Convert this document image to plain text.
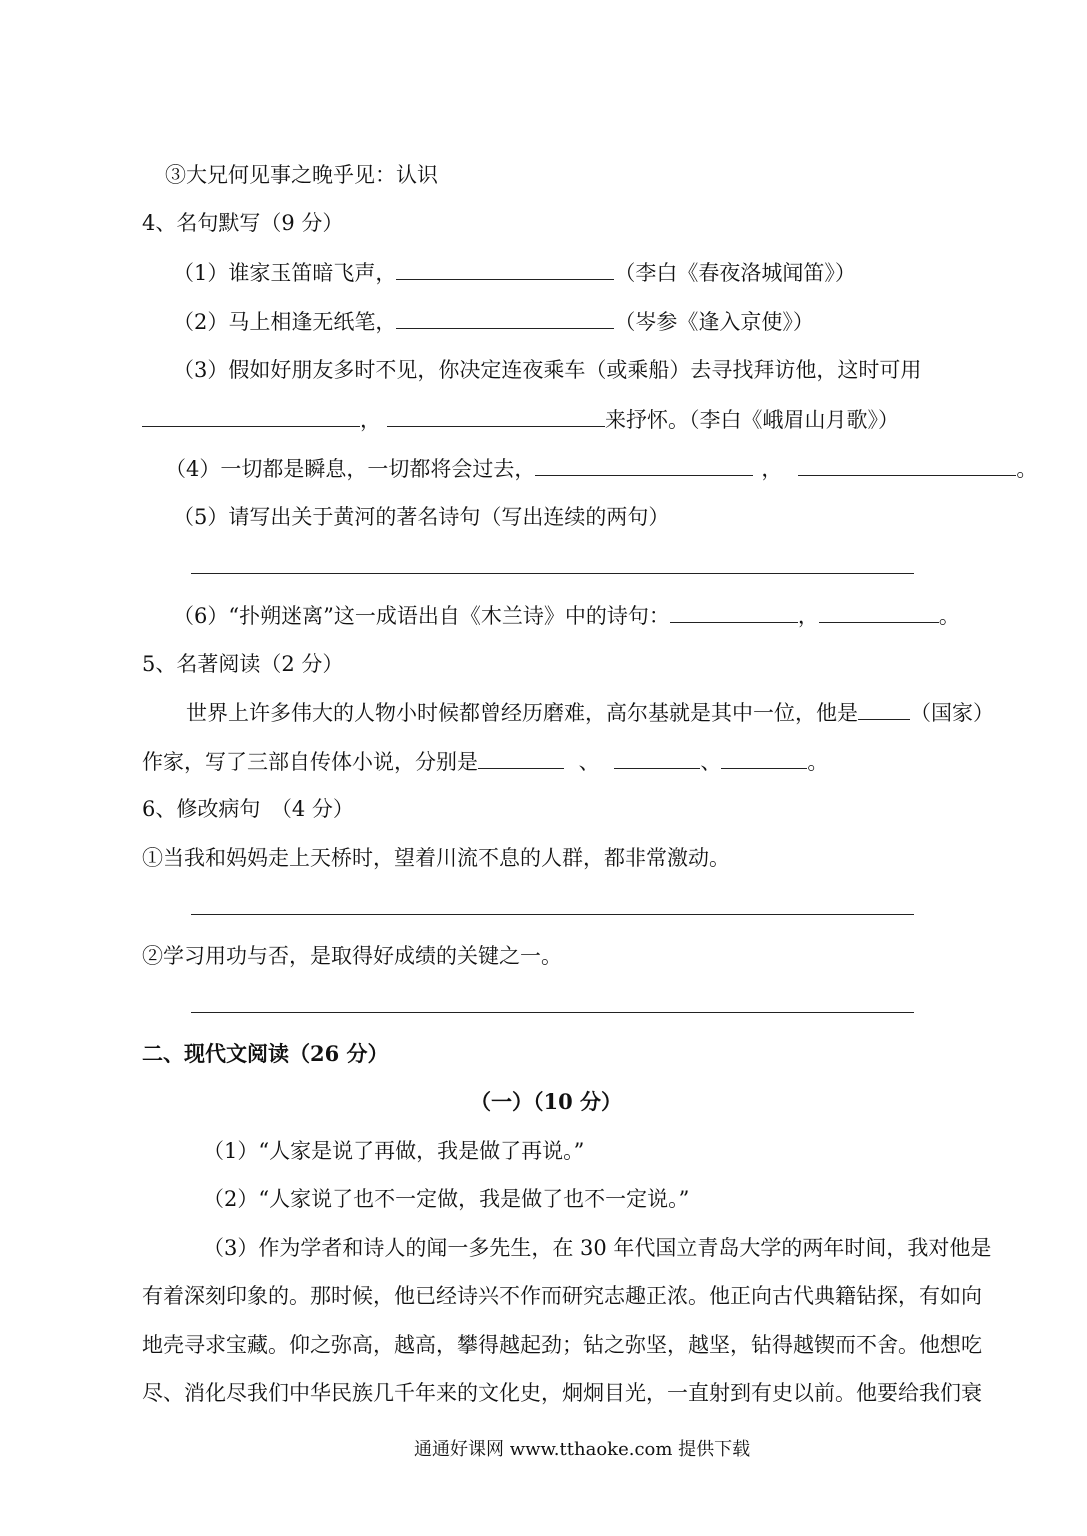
③大兄何见事之晚乎见：认识
4、名句默写（9 分）
（1）谁家玉笛暗飞声，	（李白《春夜洛城闻笛》）
（2）马上相逢无纸笔，	（岑参《逢入京使》）
（3）假如好朋友多时不见，你决定连夜乘车（或乘船）去寻找拜访他，这时可用
，	来抒怀。（李白《峨眉山月歌》）
（4）一切都是瞬息，一切都将会过去，	，	。
（5）请写出关于黄河的著名诗句（写出连续的两句）
（6）“扑朔迷离”这一成语出自《木兰诗》中的诗句：	，	。
5、名著阅读（2 分）
世界上许多伟大的人物小时候都曾经历磨难，高尔基就是其中一位，他是 （国家）
作家，写了三部自传体小说，分别是	、	、	。
6、修改病句　（4 分）
①当我和妈妈走上天桥时，望着川流不息的人群，都非常激动。
②学习用功与否，是取得好成绩的关键之一。
二、现代文阅读（26 分）
（一）（10 分）
（1）“人家是说了再做，我是做了再说。”
（2）“人家说了也不一定做，我是做了也不一定说。”
（3）作为学者和诗人的闻一多先生，在 30 年代国立青岛大学的两年时间，我对他是
有着深刻印象的。那时候，他已经诗兴不作而研究志趣正浓。他正向古代典籍钻探，有如向
地壳寻求宝藏。仰之弥高，越高，攀得越起劲；钻之弥坚，越坚，钻得越锲而不舍。他想吃
尽、消化尽我们中华民族几千年来的文化史，炯炯目光，一直射到有史以前。他要给我们衰
通通好课网 www.tthaoke.com 提供下载
